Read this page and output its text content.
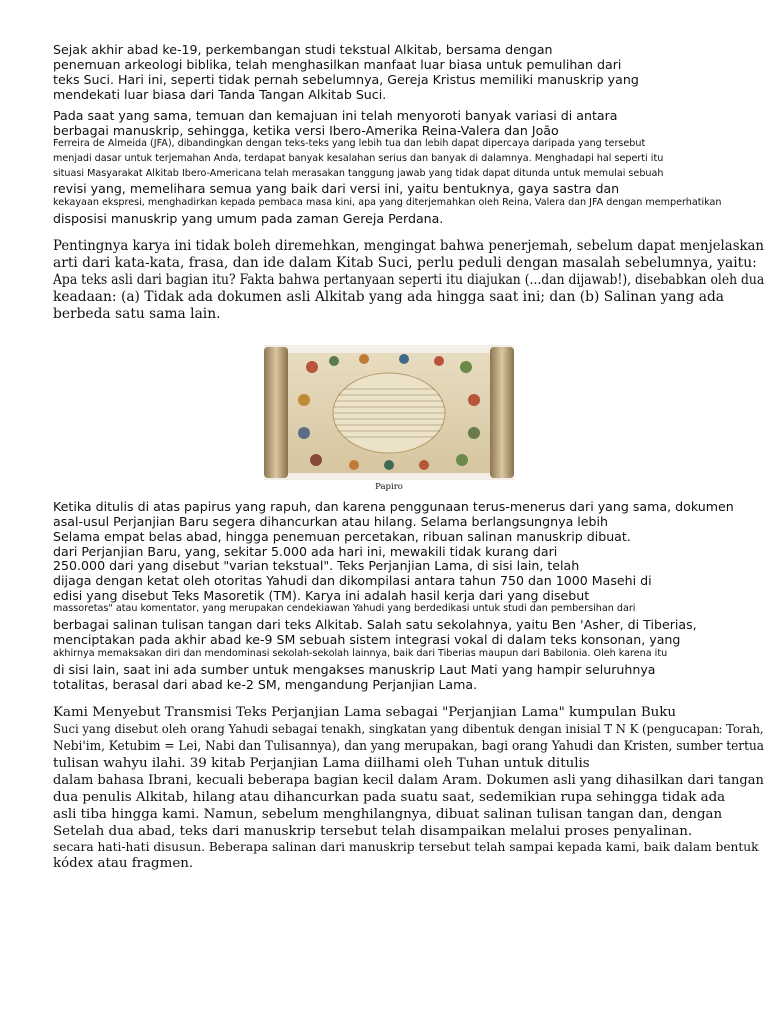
Sejak akhir abad ke-19, perkembangan studi tekstual Alkitab, bersama dengan

penemuan arkeologi biblika, telah menghasilkan manfaat luar biasa untuk pemulihan dari

teks Suci. Hari ini, seperti tidak pernah sebelumnya, Gereja Kristus memiliki manuskrip yang

mendekati luar biasa dari Tanda Tangan Alkitab Suci.

Pada saat yang sama, temuan dan kemajuan ini telah menyoroti banyak variasi di antara

berbagai manuskrip, sehingga, ketika versi Ibero-Amerika Reina-Valera dan João

Ferreira de Almeida (JFA), dibandingkan dengan teks-teks yang lebih tua dan lebih dapat dipercaya daripada yang tersebut

menjadi dasar untuk terjemahan Anda, terdapat banyak kesalahan serius dan banyak di dalamnya. Menghadapi hal seperti itu

situasi Masyarakat Alkitab Ibero-Americana telah merasakan tanggung jawab yang tidak dapat ditunda untuk memulai sebuah

revisi yang, memelihara semua yang baik dari versi ini, yaitu bentuknya, gaya sastra dan

kekayaan ekspresi, menghadirkan kepada pembaca masa kini, apa yang diterjemahkan oleh Reina, Valera dan JFA dengan memperhatikan

disposisi manuskrip yang umum pada zaman Gereja Perdana.

Pentingnya karya ini tidak boleh diremehkan, mengingat bahwa penerjemah, sebelum dapat menjelaskan

arti dari kata-kata, frasa, dan ide dalam Kitab Suci, perlu peduli dengan masalah sebelumnya, yaitu:

Apa teks asli dari bagian itu? Fakta bahwa pertanyaan seperti itu diajukan (...dan dijawab!), disebabkan oleh dua

keadaan: (a) Tidak ada dokumen asli Alkitab yang ada hingga saat ini; dan (b) Salinan yang ada

berbeda satu sama lain.

Papiro

Ketika ditulis di atas papirus yang rapuh, dan karena penggunaan terus-menerus dari yang sama, dokumen

asal-usul Perjanjian Baru segera dihancurkan atau hilang. Selama berlangsungnya lebih

Selama empat belas abad, hingga penemuan percetakan, ribuan salinan manuskrip dibuat.

dari Perjanjian Baru, yang, sekitar 5.000 ada hari ini, mewakili tidak kurang dari

250.000 dari yang disebut "varian tekstual". Teks Perjanjian Lama, di sisi lain, telah

dijaga dengan ketat oleh otoritas Yahudi dan dikompilasi antara tahun 750 dan 1000 Masehi di

edisi yang disebut Teks Masoretik (TM). Karya ini adalah hasil kerja dari yang disebut

massoretas" atau komentator, yang merupakan cendekiawan Yahudi yang berdedikasi untuk studi dan pembersihan dari

berbagai salinan tulisan tangan dari teks Alkitab. Salah satu sekolahnya, yaitu Ben 'Asher, di Tiberias,

menciptakan pada akhir abad ke-9 SM sebuah sistem integrasi vokal di dalam teks konsonan, yang

akhirnya memaksakan diri dan mendominasi sekolah-sekolah lainnya, baik dari Tiberias maupun dari Babilonia. Oleh karena itu

di sisi lain, saat ini ada sumber untuk mengakses manuskrip Laut Mati yang hampir seluruhnya

totalitas, berasal dari abad ke-2 SM, mengandung Perjanjian Lama.

Kami Menyebut Transmisi Teks Perjanjian Lama sebagai "Perjanjian Lama" kumpulan Buku

Suci yang disebut oleh orang Yahudi sebagai tenakh, singkatan yang dibentuk dengan inisial T N K (pengucapan: Torah,

Nebi'im, Ketubim = Lei, Nabi dan Tulisannya), dan yang merupakan, bagi orang Yahudi dan Kristen, sumber tertua

tulisan wahyu ilahi. 39 kitab Perjanjian Lama diilhami oleh Tuhan untuk ditulis

dalam bahasa Ibrani, kecuali beberapa bagian kecil dalam Aram. Dokumen asli yang dihasilkan dari tangan

dua penulis Alkitab, hilang atau dihancurkan pada suatu saat, sedemikian rupa sehingga tidak ada

asli tiba hingga kami. Namun, sebelum menghilangnya, dibuat salinan tulisan tangan dan, dengan

Setelah dua abad, teks dari manuskrip tersebut telah disampaikan melalui proses penyalinan.

secara hati-hati disusun. Beberapa salinan dari manuskrip tersebut telah sampai kepada kami, baik dalam bentuk

kódex atau fragmen.
